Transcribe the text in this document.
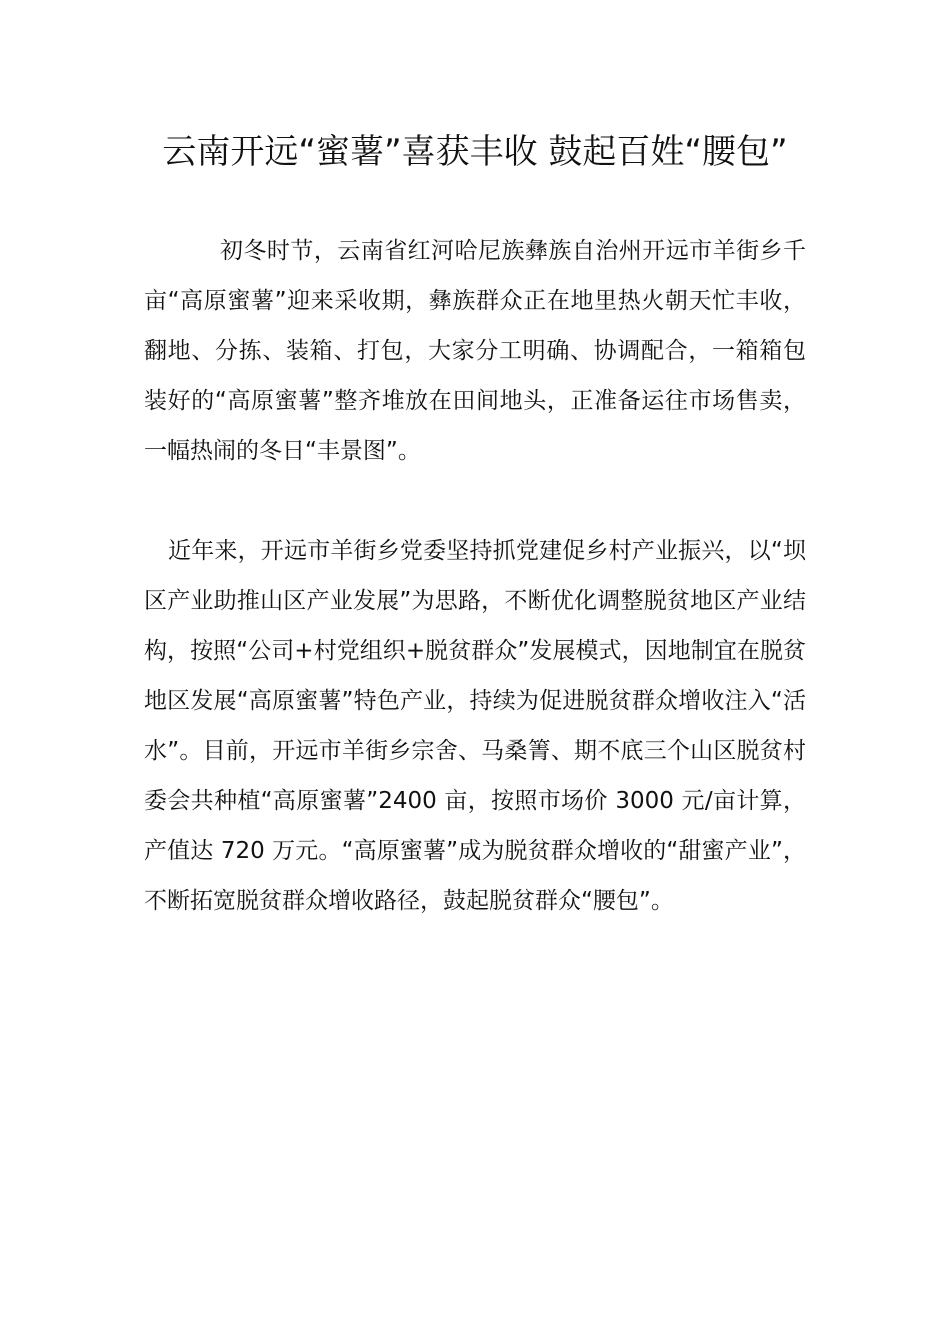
云南开远“蜜薯”喜获丰收 鼓起百姓“腰包”

初冬时节，云南省红河哈尼族彝族自治州开远市羊街乡千亩“高原蜜薯”迎来采收期，彝族群众正在地里热火朝天忙丰收，翻地、分拣、装箱、打包，大家分工明确、协调配合，一箱箱包装好的“高原蜜薯”整齐堆放在田间地头，正准备运往市场售卖，一幅热闹的冬日“丰景图”。

近年来，开远市羊街乡党委坚持抓党建促乡村产业振兴，以“坝区产业助推山区产业发展”为思路，不断优化调整脱贫地区产业结构，按照“公司+村党组织+脱贫群众”发展模式，因地制宜在脱贫地区发展“高原蜜薯”特色产业，持续为促进脱贫群众增收注入“活水”。目前，开远市羊街乡宗舍、马桑箐、期不底三个山区脱贫村委会共种植“高原蜜薯”2400 亩，按照市场价 3000 元/亩计算，产值达 720 万元。“高原蜜薯”成为脱贫群众增收的“甜蜜产业”，不断拓宽脱贫群众增收路径，鼓起脱贫群众“腰包”。
